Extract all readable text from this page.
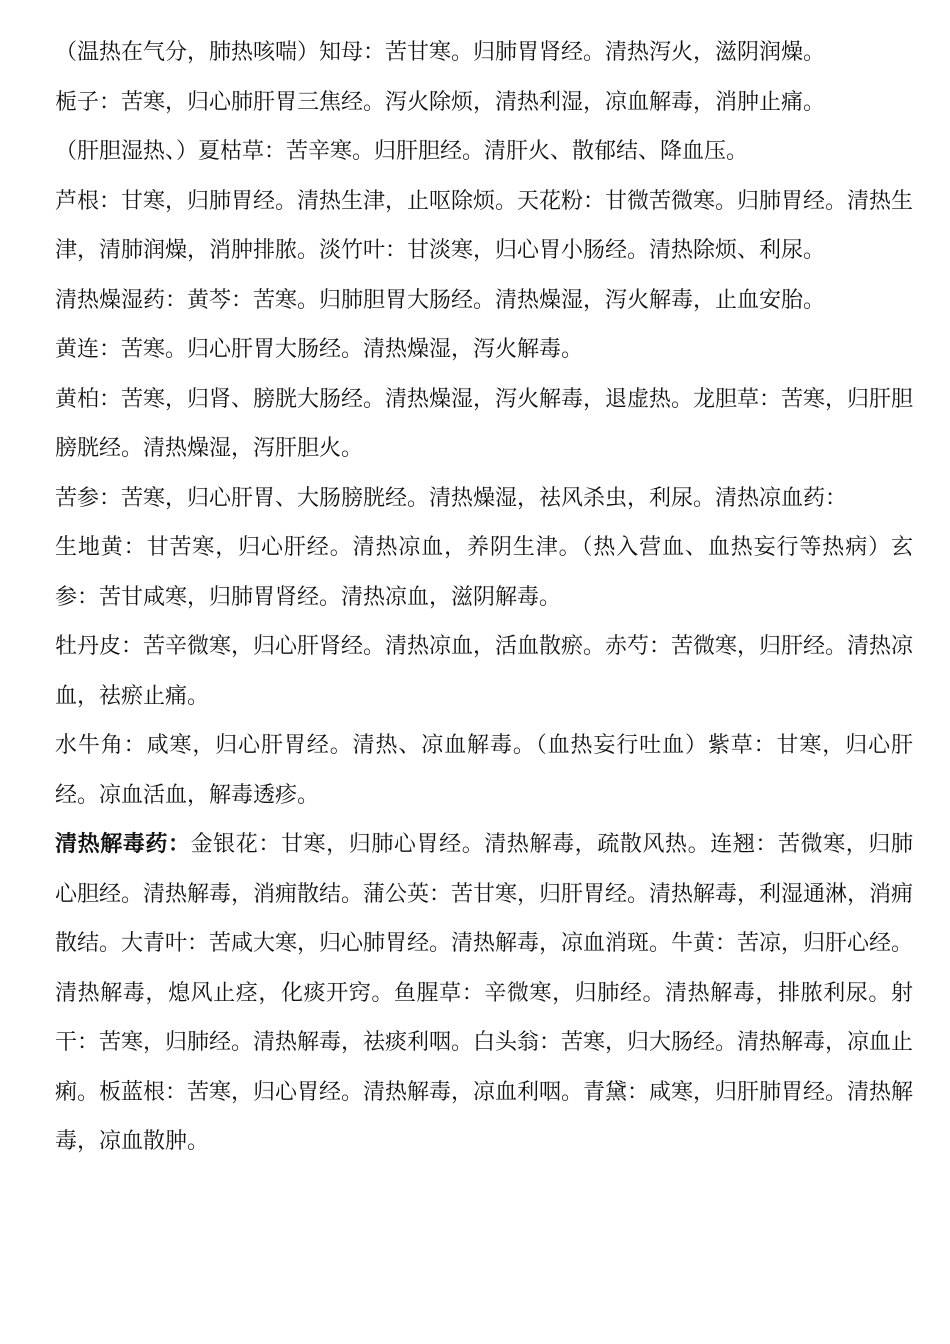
（温热在气分，肺热咳喘）知母：苦甘寒。归肺胃肾经。清热泻火，滋阴润燥。

栀子：苦寒，归心肺肝胃三焦经。泻火除烦，清热利湿，凉血解毒，消肿止痛。

（肝胆湿热、）夏枯草：苦辛寒。归肝胆经。清肝火、散郁结、降血压。

芦根：甘寒，归肺胃经。清热生津，止呕除烦。天花粉：甘微苦微寒。归肺胃经。清热生津，清肺润燥，消肿排脓。淡竹叶：甘淡寒，归心胃小肠经。清热除烦、利尿。

清热燥湿药：黄芩：苦寒。归肺胆胃大肠经。清热燥湿，泻火解毒，止血安胎。

黄连：苦寒。归心肝胃大肠经。清热燥湿，泻火解毒。

黄柏：苦寒，归肾、膀胱大肠经。清热燥湿，泻火解毒，退虚热。龙胆草：苦寒，归肝胆膀胱经。清热燥湿，泻肝胆火。

苦参：苦寒，归心肝胃、大肠膀胱经。清热燥湿，祛风杀虫，利尿。清热凉血药：

生地黄：甘苦寒，归心肝经。清热凉血，养阴生津。（热入营血、血热妄行等热病）玄参：苦甘咸寒，归肺胃肾经。清热凉血，滋阴解毒。

牡丹皮：苦辛微寒，归心肝肾经。清热凉血，活血散瘀。赤芍：苦微寒，归肝经。清热凉血，祛瘀止痛。

水牛角：咸寒，归心肝胃经。清热、凉血解毒。（血热妄行吐血）紫草：甘寒，归心肝经。凉血活血，解毒透疹。

清热解毒药：金银花：甘寒，归肺心胃经。清热解毒，疏散风热。连翘：苦微寒，归肺心胆经。清热解毒，消痈散结。蒲公英：苦甘寒，归肝胃经。清热解毒，利湿通淋，消痈散结。大青叶：苦咸大寒，归心肺胃经。清热解毒，凉血消斑。牛黄：苦凉，归肝心经。清热解毒，熄风止痉，化痰开窍。鱼腥草：辛微寒，归肺经。清热解毒，排脓利尿。射干：苦寒，归肺经。清热解毒，祛痰利咽。白头翁：苦寒，归大肠经。清热解毒，凉血止痢。板蓝根：苦寒，归心胃经。清热解毒，凉血利咽。青黛：咸寒，归肝肺胃经。清热解毒，凉血散肿。
